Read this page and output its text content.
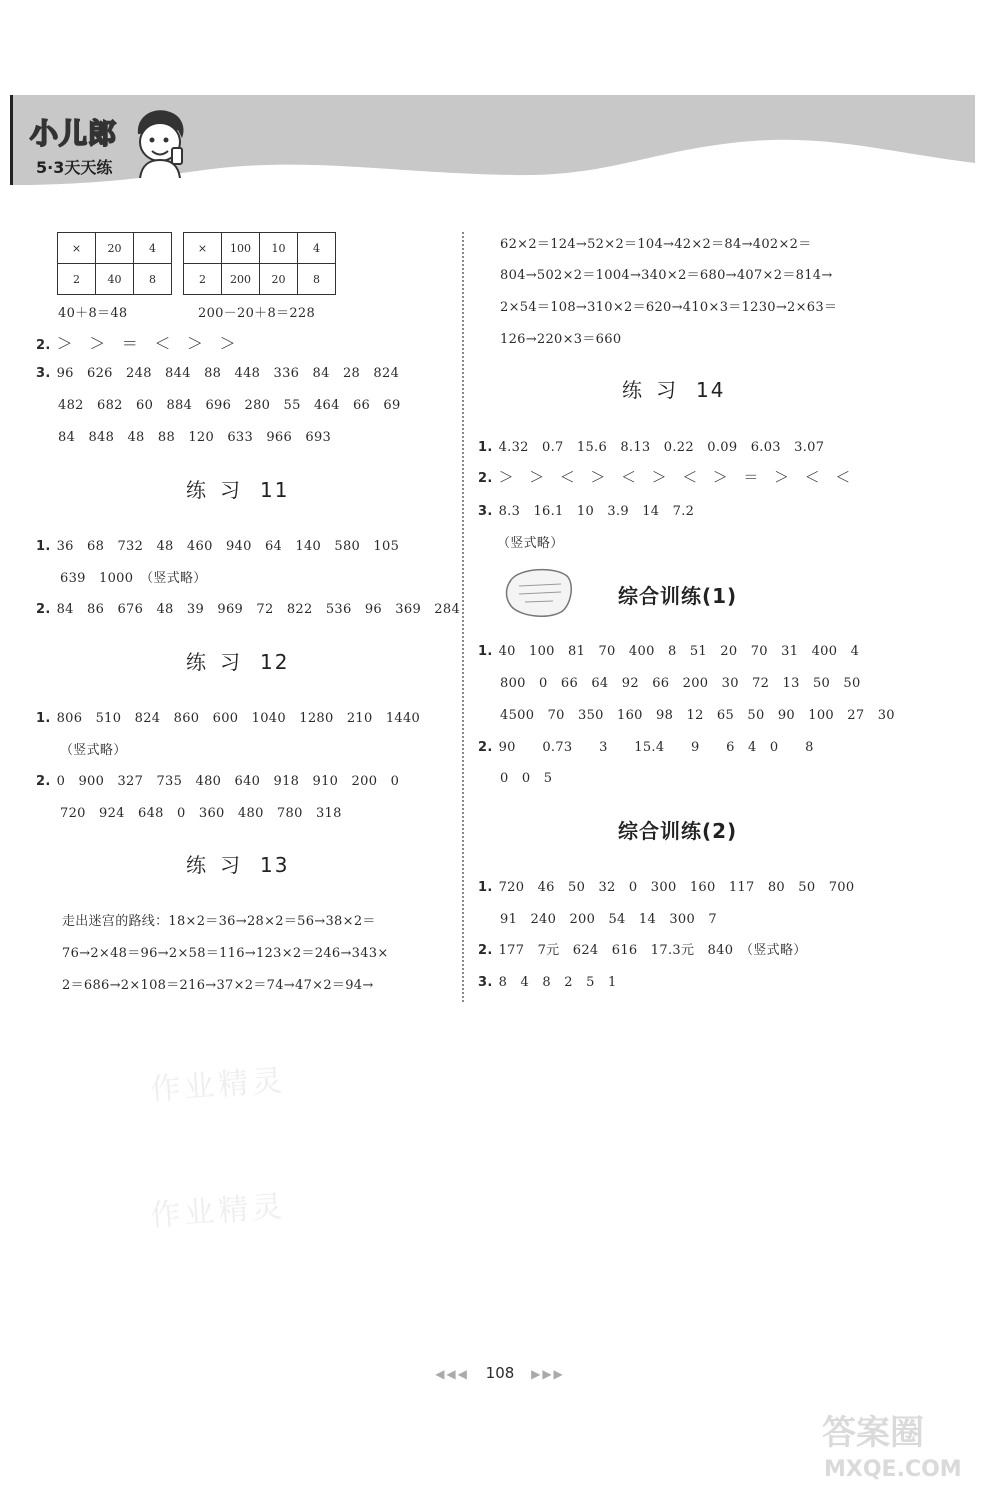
小儿郎
5·3天天练
×	20	4
2	40	8
×	100	10	4
2	200	20	8
40＋8＝48	200－20＋8＝228
2. ＞　＞　＝　＜　＞　＞
3. 96　626　248　844　88　448　336　84　28　824
482　682　60　884　696　280　55　464　66　69
84　848　48　88　120　633　966　693
练习 11
1. 36　68　732　48　460　940　64　140　580　105
639　1000　（竖式略）
2. 84　86　676　48　39　969　72　822　536　96　369　284
练习 12
1. 806　510　824　860　600　1040　1280　210　1440
（竖式略）
2. 0　900　327　735　480　640　918　910　200　0
720　924　648　0　360　480　780　318
练习 13
走出迷宫的路线：18×2＝36→28×2＝56→38×2＝
76→2×48＝96→2×58＝116→123×2＝246→343×
2＝686→2×108＝216→37×2＝74→47×2＝94→
62×2＝124→52×2＝104→42×2＝84→402×2＝
804→502×2＝1004→340×2＝680→407×2＝814→
2×54＝108→310×2＝620→410×3＝1230→2×63＝
126→220×3＝660
练习 14
1. 4.32　0.7　15.6　8.13　0.22　0.09　6.03　3.07
2. ＞　＞　＜　＞　＜　＞　＜　＞　＝　＞　＜　＜
3. 8.3　16.1　10　3.9　14　7.2
（竖式略）
综合训练(1)
1. 40　100　81　70　400　8　51　20　70　31　400　4
800　0　66　64　92　66　200　30　72　13　50　50
4500　70　350　160　98　12　65　50　90　100　27　30
2. 90　　0.73　　3　　15.4　　9　　6　4　0　　8
0　0　5
综合训练(2)
1. 720　46　50　32　0　300　160　117　80　50　700
91　240　200　54　14　300　7
2. 177　7元　624　616　17.3元　840　（竖式略）
3. 8　4　8　2　5　1
作业精灵
作业精灵
◀◀◀ 108 ▶▶▶
答案圈
MXQE.COM
